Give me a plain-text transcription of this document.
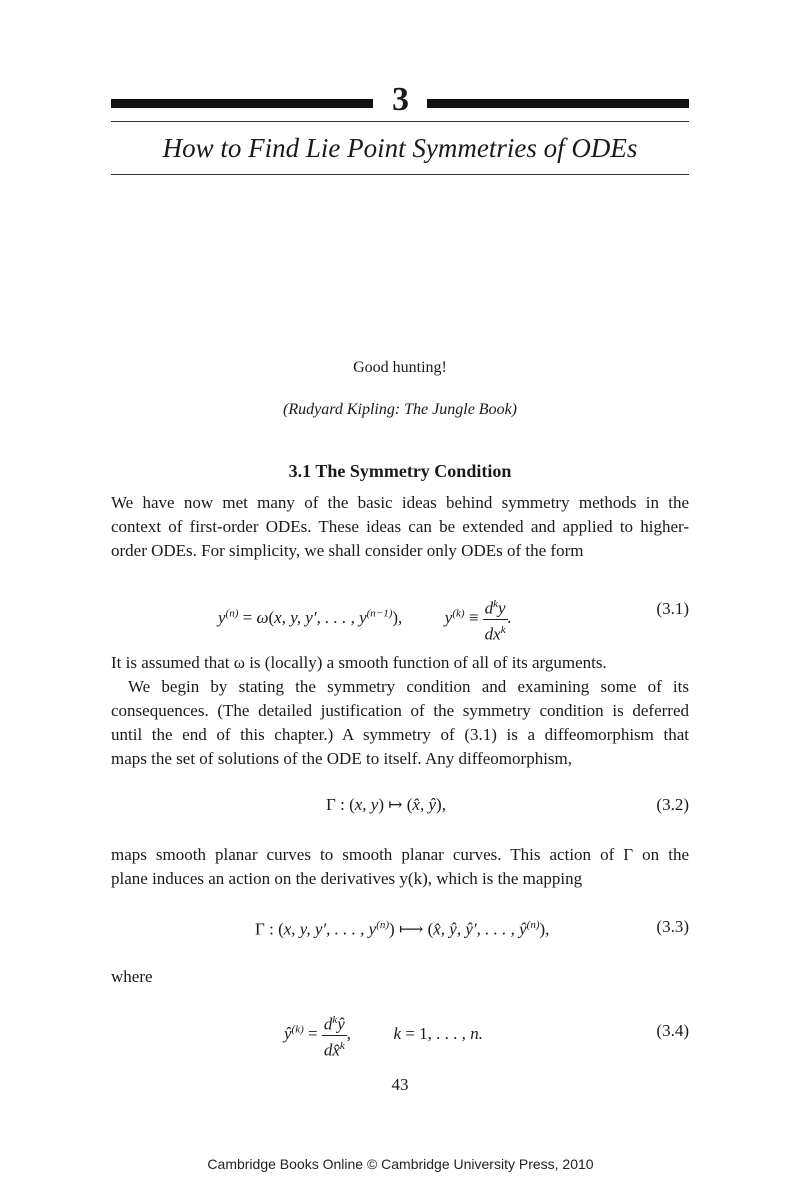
3
How to Find Lie Point Symmetries of ODEs
Good hunting!
(Rudyard Kipling: The Jungle Book)
3.1 The Symmetry Condition
We have now met many of the basic ideas behind symmetry methods in the
context of first-order ODEs. These ideas can be extended and applied to higher-
order ODEs. For simplicity, we shall consider only ODEs of the form
$y^{(n)} = \omega(x$, y, y′, . . . , $y^{(n-1)}$),          $y^{(k)} \equiv \frac{d^ky}{dx^k}$ .	(3.1)
It is assumed that ω is (locally) a smooth function of all of its arguments.
We begin by stating the symmetry condition and examining some of its
consequences. (The detailed justification of the symmetry condition is deferred
until the end of this chapter.) A symmetry of (3.1) is a diffeomorphism that
maps the set of solutions of the ODE to itself. Any diffeomorphism,
Γ : (x, y) ↦ (x̂, ŷ),	(3.2)
maps smooth planar curves to smooth planar curves. This action of Γ on the
plane induces an action on the derivatives y(k), which is the mapping
Γ : (x, y, y′, . . . , $y^{(n)}$) ⟼ (x̂, ŷ, ŷ′, . . . , $ŷ^{(n)}$),	(3.3)
where
$ŷ^{(k)} = \frac{d^kŷ}{dx̂^k}$ ,          k = 1, . . . , n.	(3.4)
43
Cambridge Books Online © Cambridge University Press, 2010
